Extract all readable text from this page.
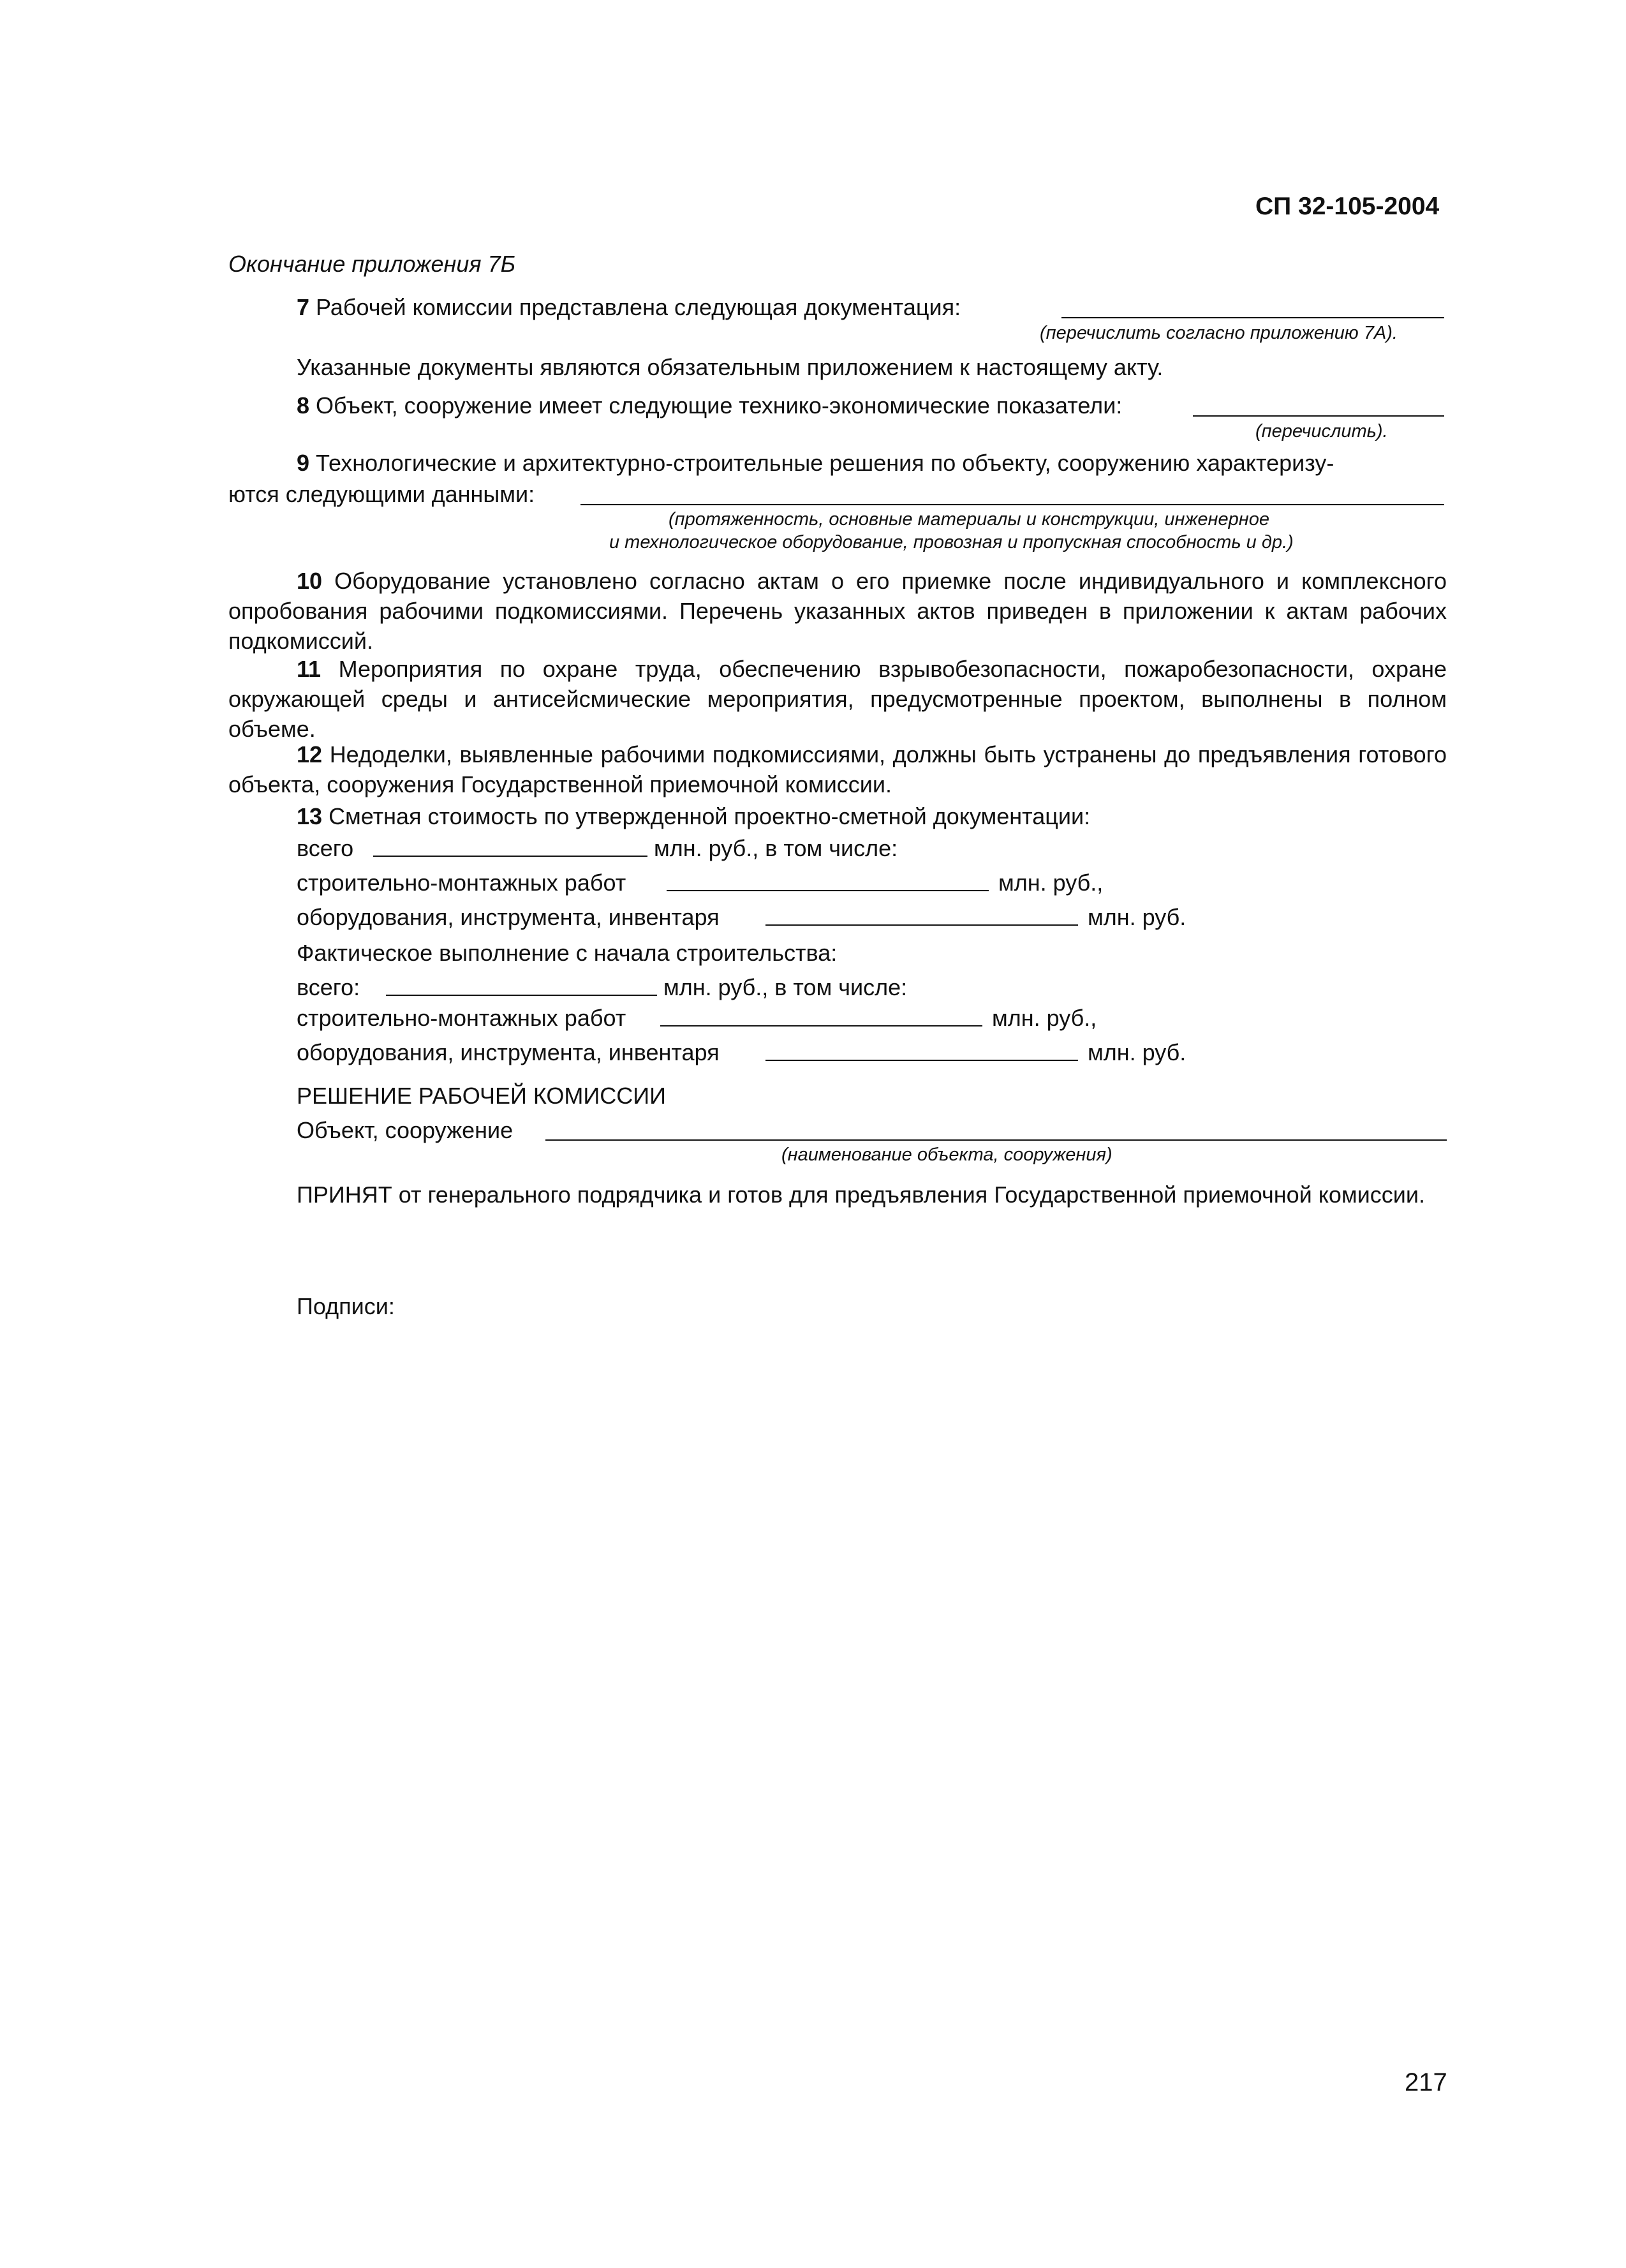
СП 32-105-2004
Окончание приложения 7Б
7 Рабочей комиссии представлена следующая документация:
(перечислить согласно приложению 7А).
Указанные документы являются обязательным приложением к настоящему акту.
8 Объект, сооружение имеет следующие технико-экономические показатели:
(перечислить).
9 Технологические и архитектурно-строительные решения по объекту, сооружению характеризу-
ются следующими данными:
(протяженность, основные материалы и конструкции, инженерное
и технологическое оборудование, провозная и пропускная способность и др.)
10 Оборудование установлено согласно актам о его приемке после индивидуального и комплексного опробования рабочими подкомиссиями. Перечень указанных актов приведен в приложении к актам рабочих подкомиссий.
11 Мероприятия по охране труда, обеспечению взрывобезопасности, пожаробезопасности, охране окружающей среды и антисейсмические мероприятия, предусмотренные проектом, выполнены в полном объеме.
12 Недоделки, выявленные рабочими подкомиссиями, должны быть устранены до предъявления готового объекта, сооружения Государственной приемочной комиссии.
13 Сметная стоимость по утвержденной проектно-сметной документации:
всего	млн. руб., в том числе:
строительно-монтажных работ	млн. руб.,
оборудования, инструмента, инвентаря	млн. руб.
Фактическое выполнение с начала строительства:
всего:	млн. руб., в том числе:
строительно-монтажных работ	млн. руб.,
оборудования, инструмента, инвентаря	млн. руб.
РЕШЕНИЕ РАБОЧЕЙ КОМИССИИ
Объект, сооружение
(наименование объекта, сооружения)
ПРИНЯТ от генерального подрядчика и готов для предъявления Государственной приемочной комиссии.
Подписи:
217
